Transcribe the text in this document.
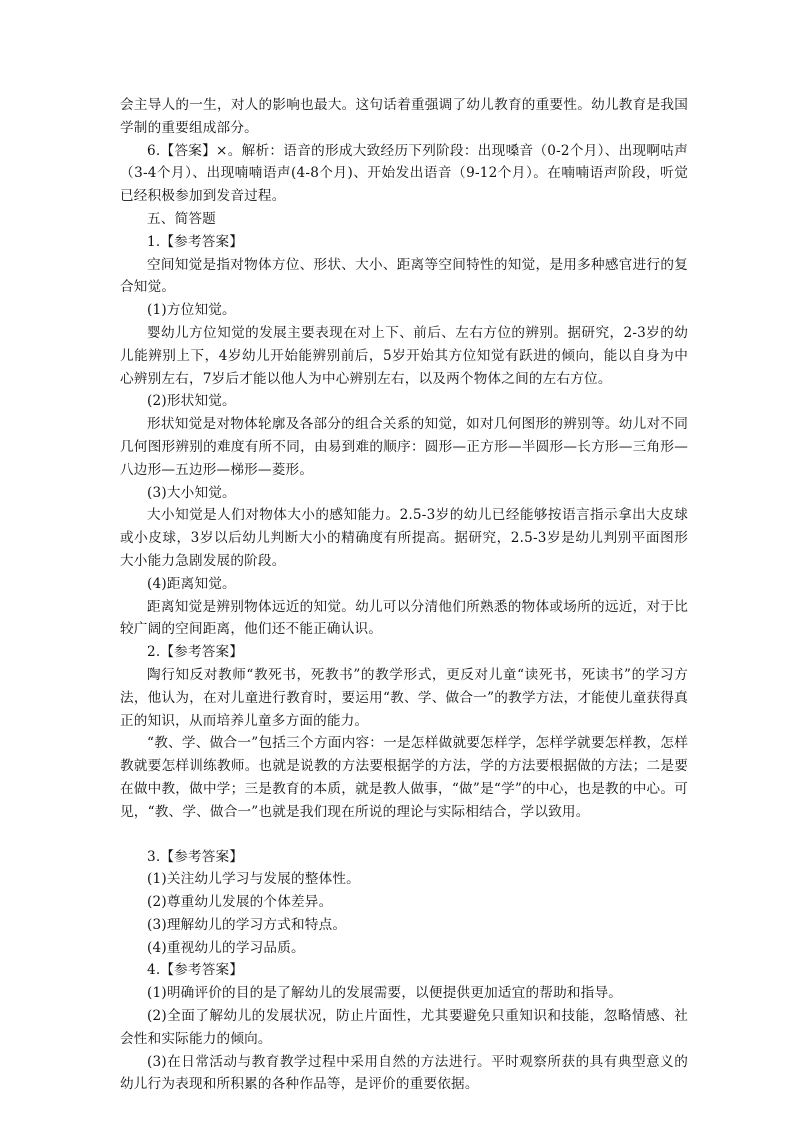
会主导人的一生，对人的影响也最大。这句话着重强调了幼儿教育的重要性。幼儿教育是我国学制的重要组成部分。

6.【答案】×。解析：语音的形成大致经历下列阶段：出现嗓音（0-2个月）、出现啊咕声（3-4个月）、出现喃喃语声(4-8个月)、开始发出语音（9-12个月）。在喃喃语声阶段，听觉已经积极参加到发音过程。

五、简答题

1.【参考答案】

空间知觉是指对物体方位、形状、大小、距离等空间特性的知觉，是用多种感官进行的复合知觉。

(1)方位知觉。

婴幼儿方位知觉的发展主要表现在对上下、前后、左右方位的辨别。据研究，2-3岁的幼儿能辨别上下，4岁幼儿开始能辨别前后，5岁开始其方位知觉有跃进的倾向，能以自身为中心辨别左右，7岁后才能以他人为中心辨别左右，以及两个物体之间的左右方位。

(2)形状知觉。

形状知觉是对物体轮廓及各部分的组合关系的知觉，如对几何图形的辨别等。幼儿对不同几何图形辨别的难度有所不同，由易到难的顺序：圆形—正方形—半圆形—长方形—三角形—八边形—五边形—梯形—菱形。

(3)大小知觉。

大小知觉是人们对物体大小的感知能力。2.5-3岁的幼儿已经能够按语言指示拿出大皮球或小皮球，3岁以后幼儿判断大小的精确度有所提高。据研究，2.5-3岁是幼儿判别平面图形大小能力急剧发展的阶段。

(4)距离知觉。

距离知觉是辨别物体远近的知觉。幼儿可以分清他们所熟悉的物体或场所的远近，对于比较广阔的空间距离，他们还不能正确认识。

2.【参考答案】

陶行知反对教师“教死书，死教书”的教学形式，更反对儿童“读死书，死读书”的学习方法，他认为，在对儿童进行教育时，要运用“教、学、做合一”的教学方法，才能使儿童获得真正的知识，从而培养儿童多方面的能力。

“教、学、做合一”包括三个方面内容：一是怎样做就要怎样学，怎样学就要怎样教，怎样教就要怎样训练教师。也就是说教的方法要根据学的方法，学的方法要根据做的方法；二是要在做中教，做中学；三是教育的本质，就是教人做事，“做”是“学”的中心，也是教的中心。可见，“教、学、做合一”也就是我们现在所说的理论与实际相结合，学以致用。

3.【参考答案】

(1)关注幼儿学习与发展的整体性。

(2)尊重幼儿发展的个体差异。

(3)理解幼儿的学习方式和特点。

(4)重视幼儿的学习品质。

4.【参考答案】

(1)明确评价的目的是了解幼儿的发展需要，以便提供更加适宜的帮助和指导。

(2)全面了解幼儿的发展状况，防止片面性，尤其要避免只重知识和技能，忽略情感、社会性和实际能力的倾向。

(3)在日常活动与教育教学过程中采用自然的方法进行。平时观察所获的具有典型意义的幼儿行为表现和所积累的各种作品等，是评价的重要依据。
